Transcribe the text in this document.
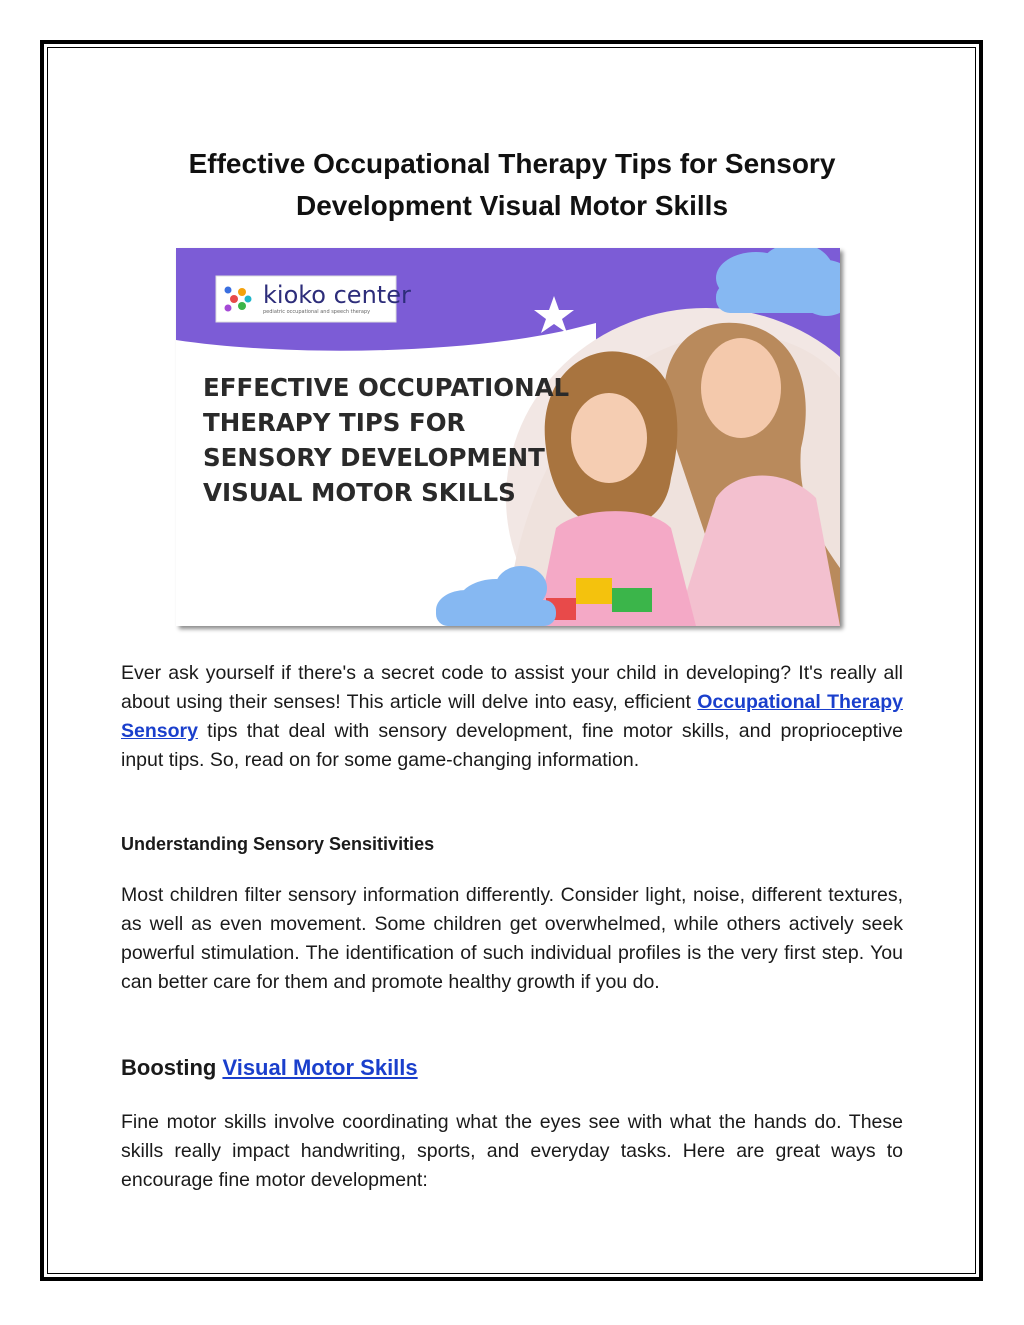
Effective Occupational Therapy Tips for Sensory Development Visual Motor Skills
kioko center
pediatric occupational and speech therapy
EFFECTIVE OCCUPATIONAL
THERAPY TIPS FOR
SENSORY DEVELOPMENT
VISUAL MOTOR SKILLS
www.kiokocenter.com

Ever ask yourself if there's a secret code to assist your child in developing? It's really all about using their senses! This article will delve into easy, efficient Occupational Therapy Sensory tips that deal with sensory development, fine motor skills, and proprioceptive input tips. So, read on for some game-changing information.

Understanding Sensory Sensitivities

Most children filter sensory information differently. Consider light, noise, different textures, as well as even movement. Some children get overwhelmed, while others actively seek powerful stimulation. The identification of such individual profiles is the very first step. You can better care for them and promote healthy growth if you do.

Boosting Visual Motor Skills

Fine motor skills involve coordinating what the eyes see with what the hands do. These skills really impact handwriting, sports, and everyday tasks. Here are great ways to encourage fine motor development:
